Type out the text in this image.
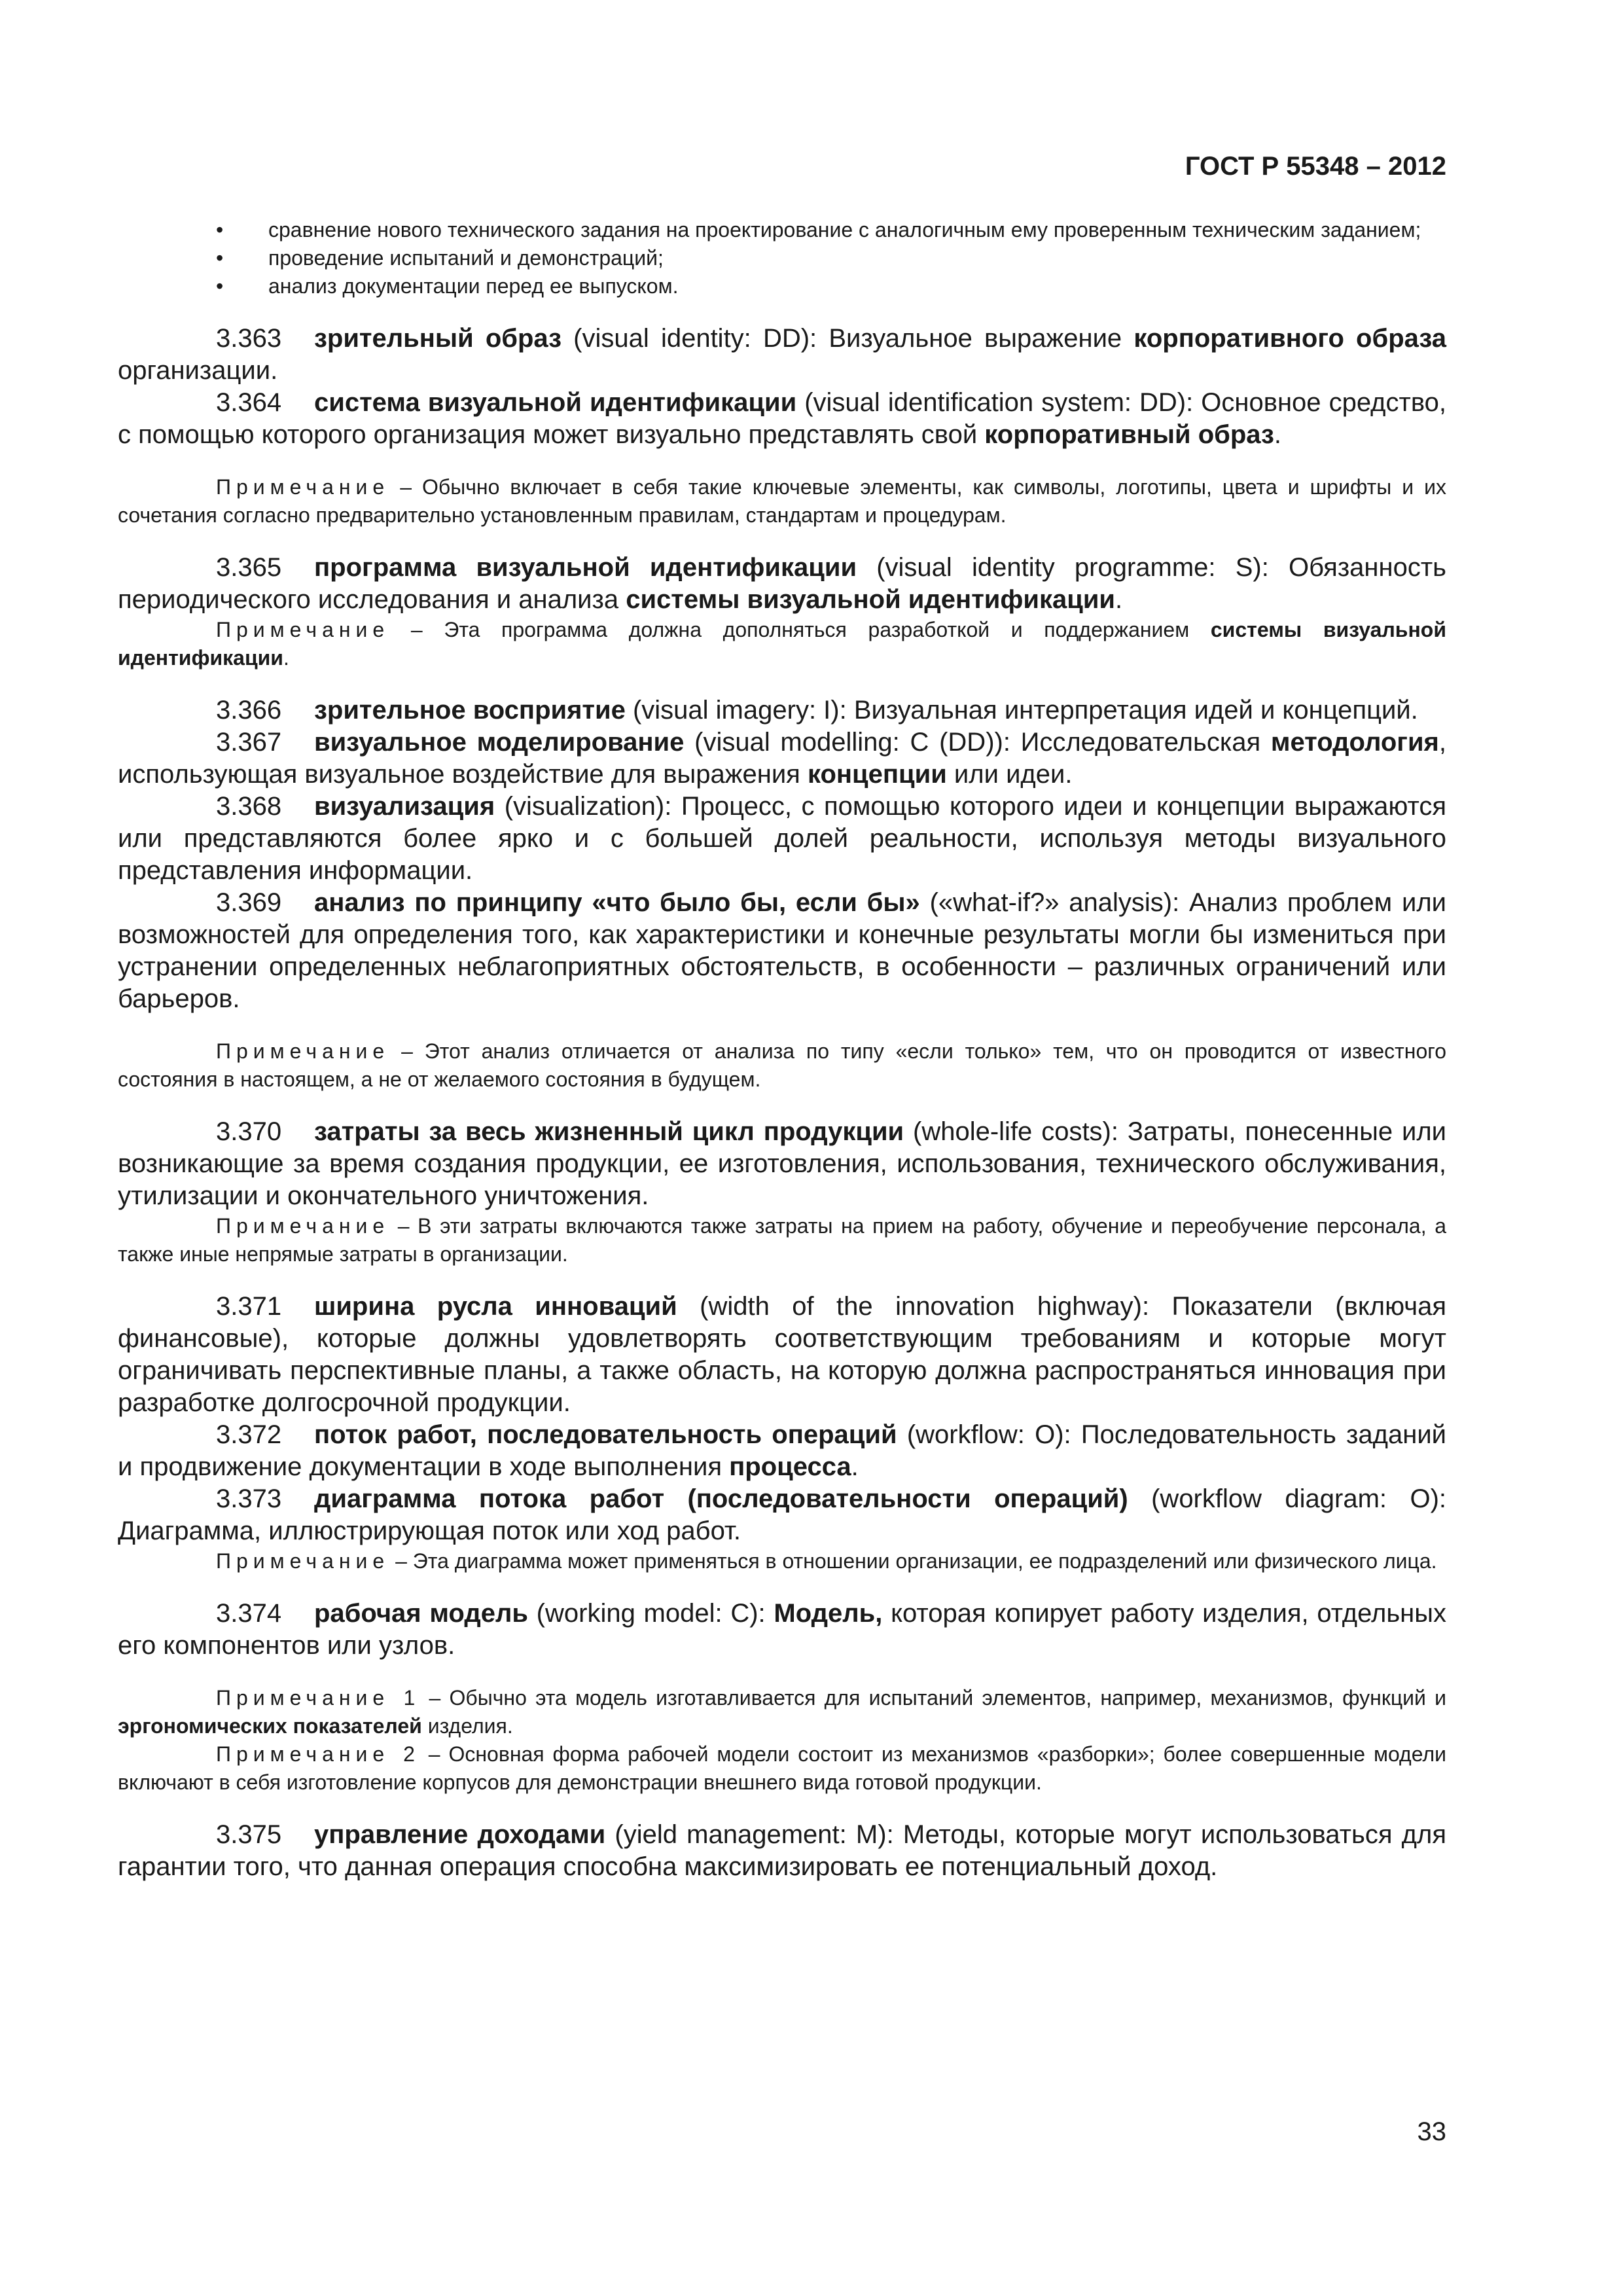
ГОСТ Р 55348 – 2012

•	сравнение нового технического задания на проектирование с аналогичным ему проверенным техническим заданием;

•	проведение испытаний и демонстраций;

•	анализ документации перед ее выпуском.

3.363 зрительный образ (visual identity: DD): Визуальное выражение корпоративного образа организации.

3.364 система визуальной идентификации (visual identification system: DD): Основное средство, с помощью которого организация может визуально представлять свой корпоративный образ.

Примечание – Обычно включает в себя такие ключевые элементы, как символы, логотипы, цвета и шрифты и их сочетания согласно предварительно установленным правилам, стандартам и процедурам.

3.365 программа визуальной идентификации (visual identity programme: S): Обязанность периодического исследования и анализа системы визуальной идентификации.

Примечание – Эта программа должна дополняться разработкой и поддержанием системы визуальной идентификации.

3.366 зрительное восприятие (visual imagery: I): Визуальная интерпретация идей и концепций.

3.367 визуальное моделирование (visual modelling: C (DD)): Исследовательская методология, использующая визуальное воздействие для выражения концепции или идеи.

3.368 визуализация (visualization): Процесс, с помощью которого идеи и концепции выражаются или представляются более ярко и с большей долей реальности, используя методы визуального представления информации.

3.369 анализ по принципу «что было бы, если бы» («what-if?» analysis): Анализ проблем или возможностей для определения того, как характеристики и конечные результаты могли бы измениться при устранении определенных неблагоприятных обстоятельств, в особенности – различных ограничений или барьеров.

Примечание – Этот анализ отличается от анализа по типу «если только» тем, что он проводится от известного состояния в настоящем, а не от желаемого состояния в будущем.

3.370 затраты за весь жизненный цикл продукции (whole-life costs): Затраты, понесенные или возникающие за время создания продукции, ее изготовления, использования, технического обслуживания, утилизации и окончательного уничтожения.

Примечание – В эти затраты включаются также затраты на прием на работу, обучение и переобучение персонала, а также иные непрямые затраты в организации.

3.371 ширина русла инноваций (width of the innovation highway): Показатели (включая финансовые), которые должны удовлетворять соответствующим требованиям и которые могут ограничивать перспективные планы, а также область, на которую должна распространяться инновация при разработке долгосрочной продукции.

3.372 поток работ, последовательность операций (workflow: O): Последовательность заданий и продвижение документации в ходе выполнения процесса.

3.373 диаграмма потока работ (последовательности операций) (workflow diagram: O): Диаграмма, иллюстрирующая поток или ход работ.

Примечание – Эта диаграмма может применяться в отношении организации, ее подразделений или физического лица.

3.374 рабочая модель (working model: C): Модель, которая копирует работу изделия, отдельных его компонентов или узлов.

Примечание 1 – Обычно эта модель изготавливается для испытаний элементов, например, механизмов, функций и эргономических показателей изделия.

Примечание 2 – Основная форма рабочей модели состоит из механизмов «разборки»; более совершенные модели включают в себя изготовление корпусов для демонстрации внешнего вида готовой продукции.

3.375 управление доходами (yield management: M): Методы, которые могут использоваться для гарантии того, что данная операция способна максимизировать ее потенциальный доход.

33
